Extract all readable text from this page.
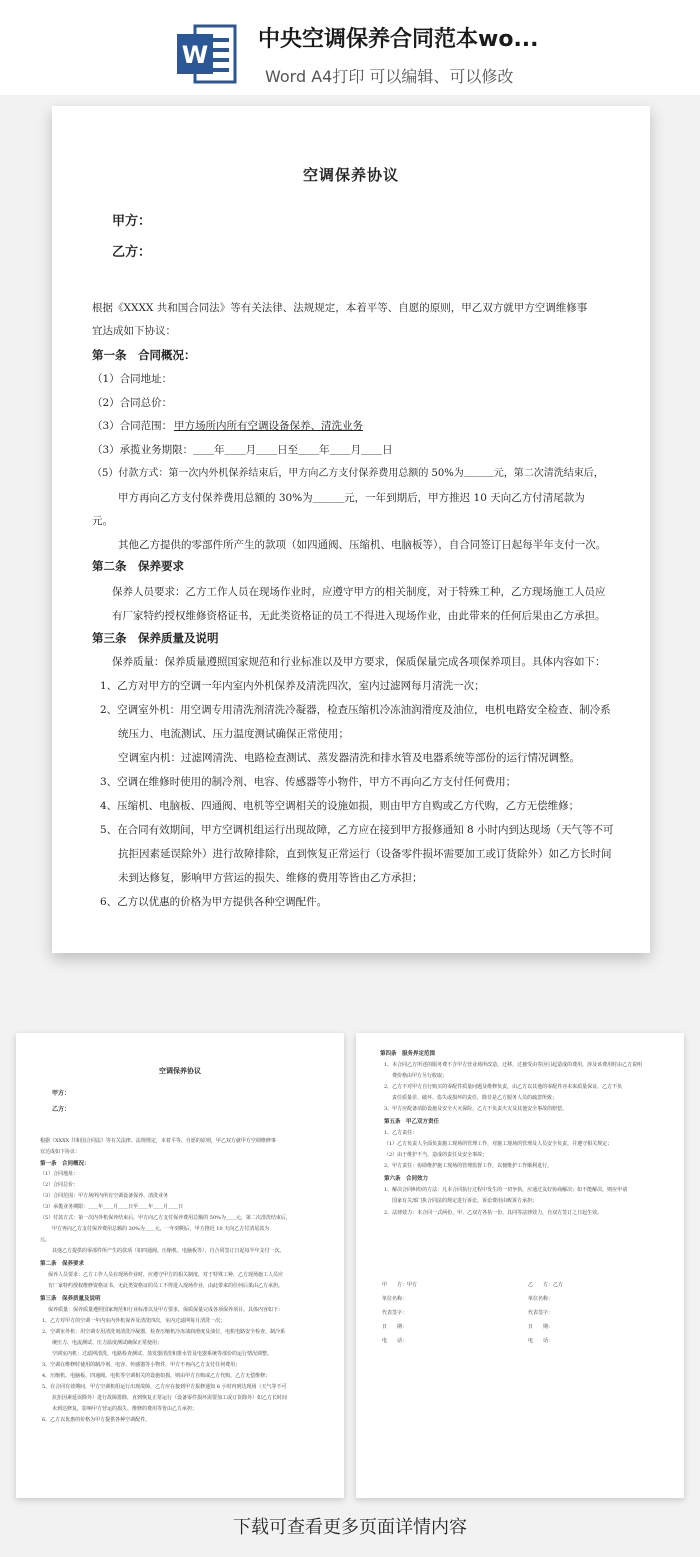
W
中央空调保养合同范本wo...
Word A4打印 可以编辑、可以修改
空调保养协议
甲方：
乙方：
根据《XXXX 共和国合同法》等有关法律、法规规定，本着平等、自愿的原则，甲乙双方就甲方空调维修事
宜达成如下协议：
第一条　合同概况：
（1）合同地址：
（2）合同总价：
（3）合同范围： 甲方场所内所有空调设备保养、清洗业务
（3）承揽业务期限：＿＿年＿＿月＿＿日至＿＿年＿＿月＿＿日
（5）付款方式：第一次内外机保养结束后，甲方向乙方支付保养费用总额的 50%为＿＿＿元，第二次清洗结束后，
甲方再向乙方支付保养费用总额的 30%为＿＿＿元，一年到期后，甲方推迟 10 天向乙方付清尾款为
元。
其他乙方提供的零部件所产生的款项（如四通阀、压缩机、电脑板等），自合同签订日起每半年支付一次。
第二条　保养要求
保养人员要求：乙方工作人员在现场作业时，应遵守甲方的相关制度，对于特殊工种，乙方现场施工人员应
有厂家特约授权维修资格证书，无此类资格证的员工不得进入现场作业，由此带来的任何后果由乙方承担。
第三条　保养质量及说明
保养质量：保养质量遵照国家规范和行业标准以及甲方要求，保质保量完成各项保养项目。具体内容如下：
1、乙方对甲方的空调一年内室内外机保养及清洗四次，室内过滤网每月清洗一次；
2、空调室外机：用空调专用清洗剂清洗冷凝器，检查压缩机冷冻油润滑度及油位，电机电路安全检查、制冷系
统压力、电流测试、压力温度测试确保正常使用；
空调室内机：过滤网清洗、电路检查测试、蒸发器清洗和排水管及电器系统等部份的运行情况调整。
3、空调在维修时使用的制冷剂、电容、传感器等小物件，甲方不再向乙方支付任何费用；
4、压缩机、电脑板、四通阀、电机等空调相关的设施如损，则由甲方自购或乙方代购，乙方无偿维修；
5、在合同有效期间，甲方空调机组运行出现故障，乙方应在接到甲方报修通知 8 小时内到达现场（天气等不可
抗拒因素延误除外）进行故障排除，直到恢复正常运行（设备零件损坏需要加工或订货除外）如乙方长时间
未到达修复，影响甲方营运的损失、维修的费用等皆由乙方承担；
6、乙方以优惠的价格为甲方提供各种空调配件。
空调保养协议
甲方：
乙方：
根据《XXXX 共和国合同法》等有关法律、法规规定，本着平等、自愿的原则，甲乙双方就甲方空调维修事
宜达成如下协议：
第一条　合同概况：
（1）合同地址：
（2）合同总价：
（3）合同范围：甲方场所内所有空调设备保养、清洗业务
（3）承揽业务期限：＿＿年＿＿月＿＿日至＿＿年＿＿月＿＿日
（5）付款方式：第一次内外机保养结束后，甲方向乙方支付保养费用总额的 50%为＿＿元，第二次清洗结束后，
甲方再向乙方支付保养费用总额的 30%为＿＿元，一年到期后，甲方推迟 10 天向乙方付清尾款为
元。
其他乙方提供的零部件所产生的款项（如四通阀、压缩机、电脑板等），自合同签订日起每半年支付一次。
第二条　保养要求
保养人员要求：乙方工作人员在现场作业时，应遵守甲方的相关制度，对于特殊工种，乙方现场施工人员应
有厂家特约授权维修资格证书，无此类资格证的员工不得进入现场作业，由此带来的任何后果由乙方承担。
第三条　保养质量及说明
保养质量：保养质量遵照国家规范和行业标准以及甲方要求，保质保量完成各项保养项目。具体内容如下：
1、乙方对甲方的空调一年内室内外机保养及清洗四次，室内过滤网每月清洗一次；
2、空调室外机：用空调专用清洗剂清洗冷凝器，检查压缩机冷冻油润滑度及油位，电机电路安全检查、制冷系
统压力、电流测试、压力温度测试确保正常使用；
空调室内机：过滤网清洗、电路检查测试、蒸发器清洗和排水管及电器系统等部份的运行情况调整。
3、空调在维修时使用的制冷剂、电容、传感器等小物件，甲方不再向乙方支付任何费用；
4、压缩机、电脑板、四通阀、电机等空调相关的设施如损，则由甲方自购或乙方代购，乙方无偿维修；
5、在合同有效期间，甲方空调机组运行出现故障，乙方应在接到甲方报修通知 8 小时内到达现场（天气等不可
抗拒因素延误除外）进行故障排除，直到恢复正常运行（设备零件损坏需要加工或订货除外）如乙方长时间
未到达修复，影响甲方营运的损失、维修的费用等皆由乙方承担；
6、乙方以优惠的价格为甲方提供各种空调配件。
第四条　服务界定范围
1、本合同乙方所述的服务费不含甲方营业场所改造、迁移，过被受由等因引起造成的费用，涉及该费用时由乙方说明
费价格由甲方另行收取；
2、乙方不对甲方自行购买的零配件质量问题及维修负责，由乙方以其他的零配件亦未来质量保证，乙方不负
责任质量差、破坏、盗失或损坏的责任，除非是乙方服务人员的疏忽所致；
3、甲方应配备消防设施及安全大灭保险，乙方不负责火灾及其他安全事故的赔偿。
第五条　甲乙双方责任
1、乙方责任：
（1）乙方负责人全面负责施工现场的管理工作，对施工现场的管理及人员安全负责，并遵守相关规定；
（2）由于维护不当，造成的责任及安全事故；
2、甲方责任：协助维护施工现场的管理监督工作，以便维护工作顺利进行。
第六条　合同效力
1、解决合同纠纷的方法：凡本合同执行过程中发生的一切争执，应通过友好协商解决；如不能解决，则应申请
国家有关部门执合同法的规定进行诉讼，诉讼费用由败诉方承担；
2、法律效力：本合同一式两份，甲、乙双方各执一份，具同等法律效力，自双方签订之日起生效。
甲　　方：甲方
单位名称：
代表签字：
日　　期：
电　　话：
乙　　方：乙方
单位名称：
代表签字：
日　　期：
电　　话：
下载可查看更多页面详情内容
